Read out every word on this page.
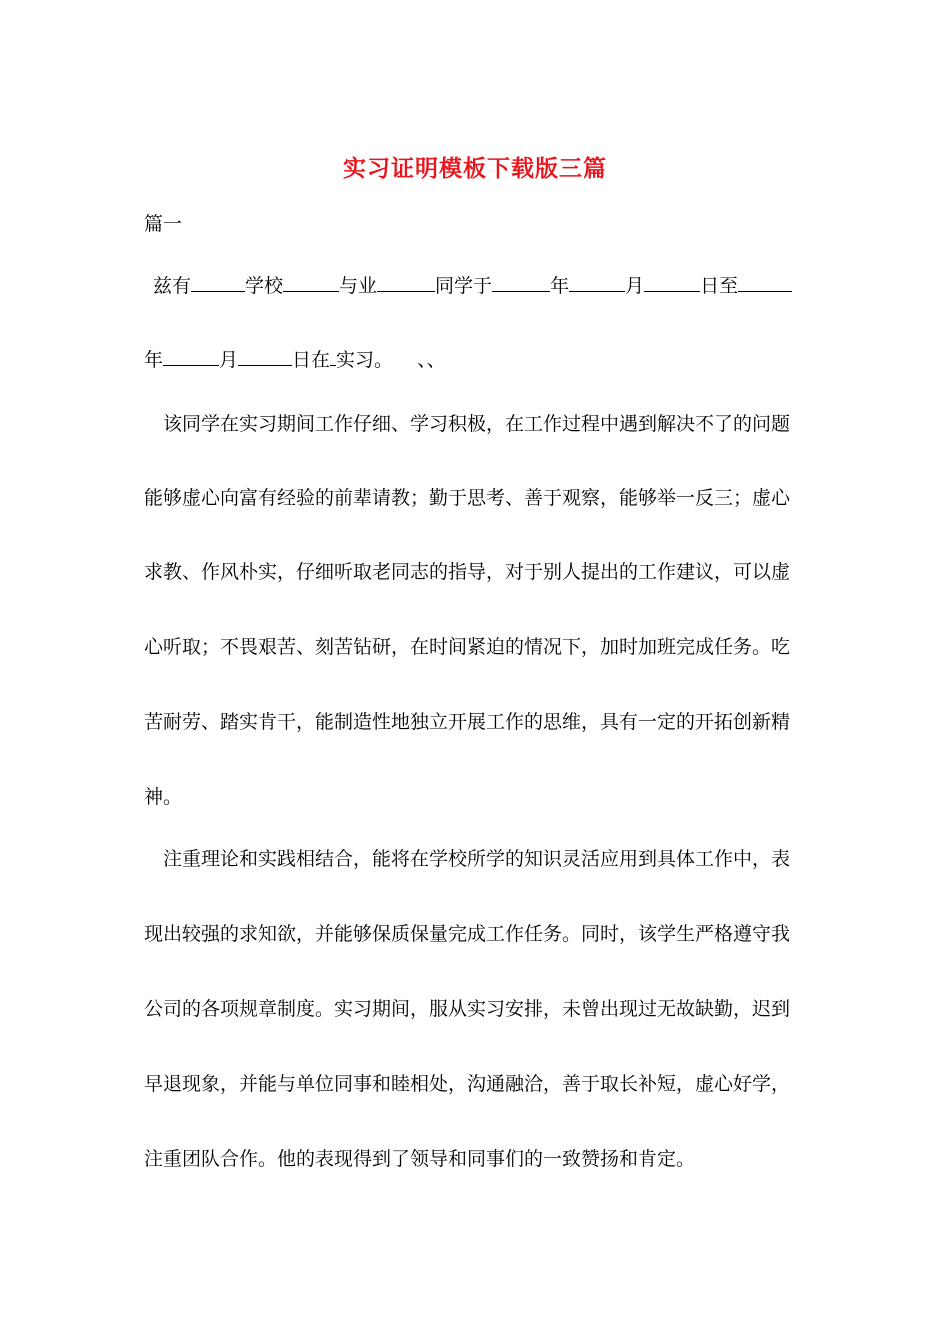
实习证明模板下载版三篇
篇一
兹有	学校	与业	同学于	年	月	日至
年	月	日在 实习。 、、
该同学在实习期间工作仔细、学习积极，在工作过程中遇到解决不了的问题
能够虚心向富有经验的前辈请教；勤于思考、善于观察，能够举一反三；虚心
求教、作风朴实，仔细听取老同志的指导，对于别人提出的工作建议，可以虚
心听取；不畏艰苦、刻苦钻研，在时间紧迫的情况下，加时加班完成任务。吃
苦耐劳、踏实肯干，能制造性地独立开展工作的思维，具有一定的开拓创新精
神。
注重理论和实践相结合，能将在学校所学的知识灵活应用到具体工作中，表
现出较强的求知欲，并能够保质保量完成工作任务。同时，该学生严格遵守我
公司的各项规章制度。实习期间，服从实习安排，未曾出现过无故缺勤，迟到
早退现象，并能与单位同事和睦相处，沟通融洽，善于取长补短，虚心好学，
注重团队合作。他的表现得到了领导和同事们的一致赞扬和肯定。
